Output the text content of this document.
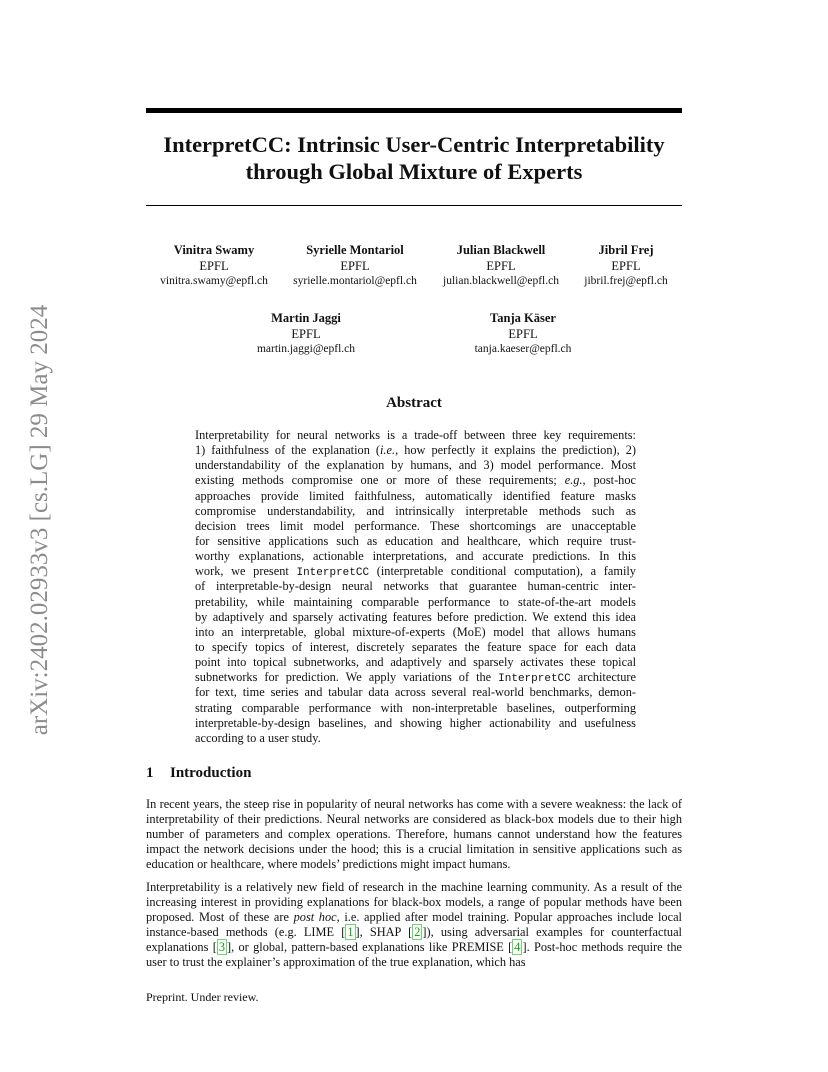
arXiv:2402.02933v3 [cs.LG] 29 May 2024
InterpretCC: Intrinsic User-Centric Interpretability
through Global Mixture of Experts
Vinitra Swamy
EPFL
vinitra.swamy@epfl.ch
Syrielle Montariol
EPFL
syrielle.montariol@epfl.ch
Julian Blackwell
EPFL
julian.blackwell@epfl.ch
Jibril Frej
EPFL
jibril.frej@epfl.ch
Martin Jaggi
EPFL
martin.jaggi@epfl.ch
Tanja Käser
EPFL
tanja.kaeser@epfl.ch
Abstract
Interpretability for neural networks is a trade-off between three key requirements:
1) faithfulness of the explanation (i.e., how perfectly it explains the prediction), 2)
understandability of the explanation by humans, and 3) model performance. Most
existing methods compromise one or more of these requirements; e.g., post-hoc
approaches provide limited faithfulness, automatically identified feature masks
compromise understandability, and intrinsically interpretable methods such as
decision trees limit model performance. These shortcomings are unacceptable
for sensitive applications such as education and healthcare, which require trust-
worthy explanations, actionable interpretations, and accurate predictions. In this
work, we present InterpretCC (interpretable conditional computation), a family
of interpretable-by-design neural networks that guarantee human-centric inter-
pretability, while maintaining comparable performance to state-of-the-art models
by adaptively and sparsely activating features before prediction. We extend this idea
into an interpretable, global mixture-of-experts (MoE) model that allows humans
to specify topics of interest, discretely separates the feature space for each data
point into topical subnetworks, and adaptively and sparsely activates these topical
subnetworks for prediction. We apply variations of the InterpretCC architecture
for text, time series and tabular data across several real-world benchmarks, demon-
strating comparable performance with non-interpretable baselines, outperforming
interpretable-by-design baselines, and showing higher actionability and usefulness
according to a user study.
1 Introduction
In recent years, the steep rise in popularity of neural networks has come with a severe weakness: the lack of interpretability of their predictions. Neural networks are considered as black-box models due to their high number of parameters and complex operations. Therefore, humans cannot understand how the features impact the network decisions under the hood; this is a crucial limitation in sensitive applications such as education or healthcare, where models’ predictions might impact humans.
Interpretability is a relatively new field of research in the machine learning community. As a result of the increasing interest in providing explanations for black-box models, a range of popular methods have been proposed. Most of these are post hoc, i.e. applied after model training. Popular approaches include local instance-based methods (e.g. LIME [ 1 ], SHAP [ 2 ]), using adversarial examples for counterfactual explanations [ 3 ], or global, pattern-based explanations like PREMISE [ 4 ]. Post-hoc methods require the user to trust the explainer’s approximation of the true explanation, which has
Preprint. Under review.
